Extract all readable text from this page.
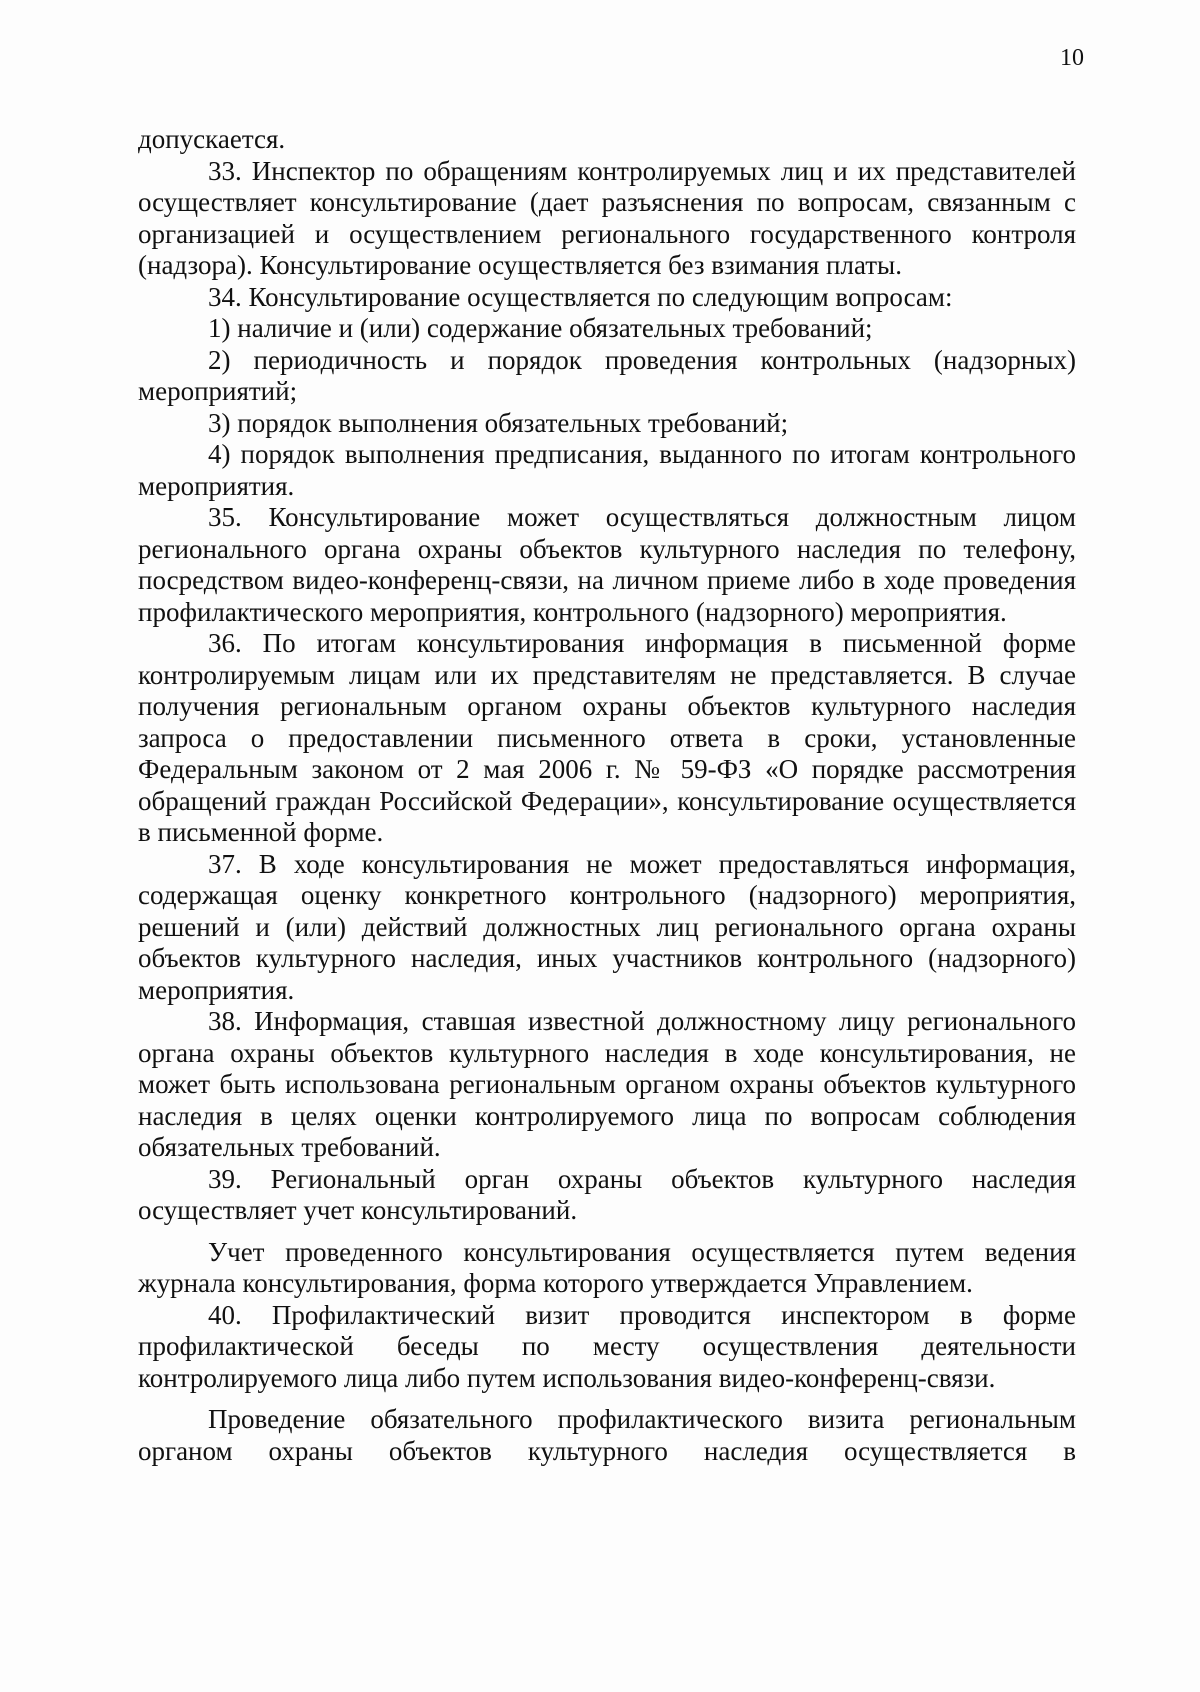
10

допускается.

33. Инспектор по обращениям контролируемых лиц и их представителей осуществляет консультирование (дает разъяснения по вопросам, связанным с организацией и осуществлением регионального государственного контроля (надзора). Консультирование осуществляется без взимания платы.

34. Консультирование осуществляется по следующим вопросам:

1) наличие и (или) содержание обязательных требований;

2) периодичность и порядок проведения контрольных (надзорных) мероприятий;

3) порядок выполнения обязательных требований;

4) порядок выполнения предписания, выданного по итогам контрольного мероприятия.

35. Консультирование может осуществляться должностным лицом регионального органа охраны объектов культурного наследия по телефону, посредством видео-конференц-связи, на личном приеме либо в ходе проведения профилактического мероприятия, контрольного (надзорного) мероприятия.

36. По итогам консультирования информация в письменной форме контролируемым лицам или их представителям не представляется. В случае получения региональным органом охраны объектов культурного наследия запроса о предоставлении письменного ответа в сроки, установленные Федеральным законом от 2 мая 2006 г. № 59-ФЗ «О порядке рассмотрения обращений граждан Российской Федерации», консультирование осуществляется в письменной форме.

37. В ходе консультирования не может предоставляться информация, содержащая оценку конкретного контрольного (надзорного) мероприятия, решений и (или) действий должностных лиц регионального органа охраны объектов культурного наследия, иных участников контрольного (надзорного) мероприятия.

38. Информация, ставшая известной должностному лицу регионального органа охраны объектов культурного наследия в ходе консультирования, не может быть использована региональным органом охраны объектов культурного наследия в целях оценки контролируемого лица по вопросам соблюдения обязательных требований.

39. Региональный орган охраны объектов культурного наследия осуществляет учет консультирований.

Учет проведенного консультирования осуществляется путем ведения журнала консультирования, форма которого утверждается Управлением.

40. Профилактический визит проводится инспектором в форме профилактической беседы по месту осуществления деятельности контролируемого лица либо путем использования видео-конференц-связи.

Проведение обязательного профилактического визита региональным органом охраны объектов культурного наследия осуществляется в
